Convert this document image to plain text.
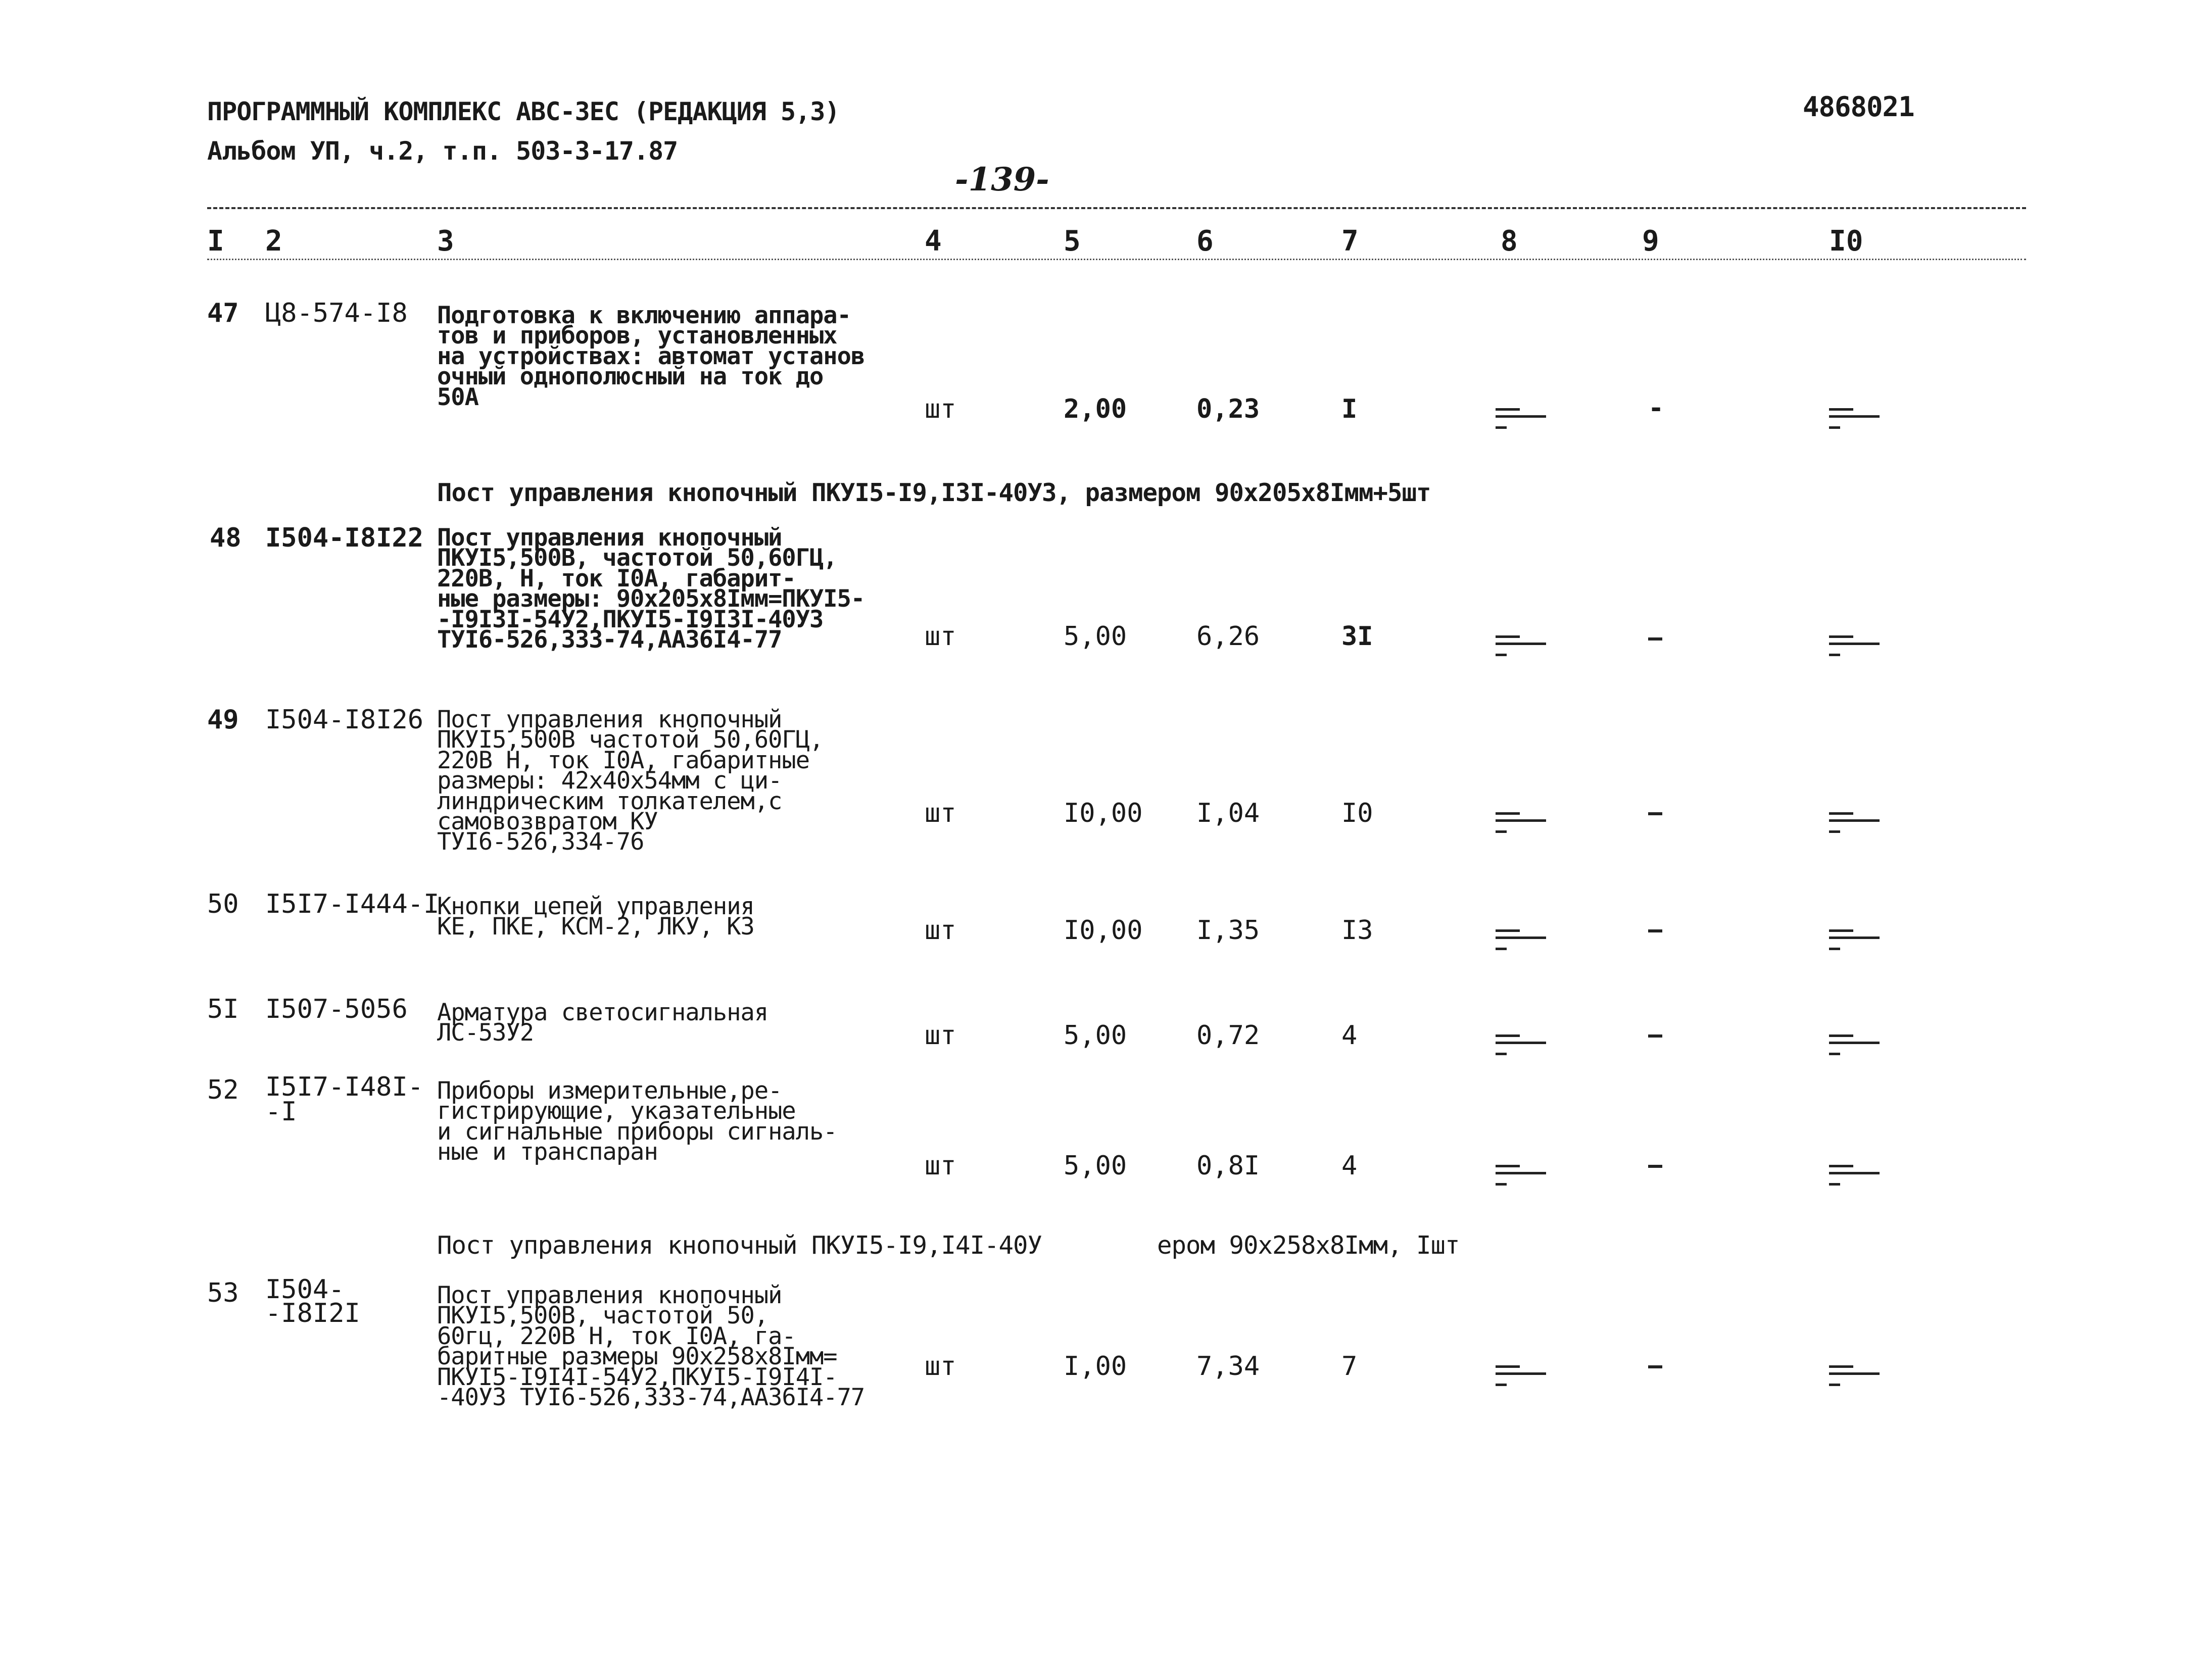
ПРОГРАММНЫЙ КОМПЛЕКС АВС-ЗЕС (РЕДАКЦИЯ 5,3)
Альбом УП, ч.2, т.п. 503-3-17.87
-139-
4868021
I 2	3	4	5	6	7	8	9	I0
47 Ц8-574-I8 Подготовка к включению аппара-
тов и приборов, установленных
на устройствах: автомат установ
очный однополюсный на ток до
50А	шт	2,00	0,23	I	-
Пост управления кнопочный ПКУI5-I9,I3I-40У3, размером 90х205х8Iмм+5шт
48 I504-I8I22 Пост управления кнопочный
ПКУI5,500В, частотой 50,60ГЦ,
220В, Н, ток I0А, габарит-
ные размеры: 90х205х8Iмм=ПКУI5-
-I9I3I-54У2,ПКУI5-I9I3I-40У3
ТУI6-526,333-74,АА36I4-77	шт	5,00	6,26	3I
49 I504-I8I26 Пост управления кнопочный
ПКУI5,500В частотой 50,60ГЦ,
220В Н, ток I0А, габаритные
размеры: 42х40х54мм с ци-
линдрическим толкателем,с
самовозвратом КУ
ТУI6-526,334-76
шт	I0,00 I,04	I0
50 I5I7-I444-I
Кнопки цепей управления
КЕ, ПКЕ, КСМ-2, ЛКУ, КЗ	шт	I0,00 I,35	I3
5I I507-5056 Арматура светосигнальная
ЛС-53У2	шт	5,00	0,72	4
52 I5I7-I48I-
-I
Приборы измерительные,ре-
гистрирующие, указательные
и сигнальные приборы сигналь-
ные и транспаран	шт	5,00	0,8I	4
Пост управления кнопочный ПКУI5-I9,I4I-40У        ером 90х258х8Iмм, Iшт
53 I504-
-I8I2I
Пост управления кнопочный
ПКУI5,500В, частотой 50,
60гц, 220В Н, ток I0А, га-
баритные размеры 90х258х8Iмм=
ПКУI5-I9I4I-54У2,ПКУI5-I9I4I-
-40У3 ТУI6-526,333-74,АА36I4-77
шт	I,00	7,34	7
